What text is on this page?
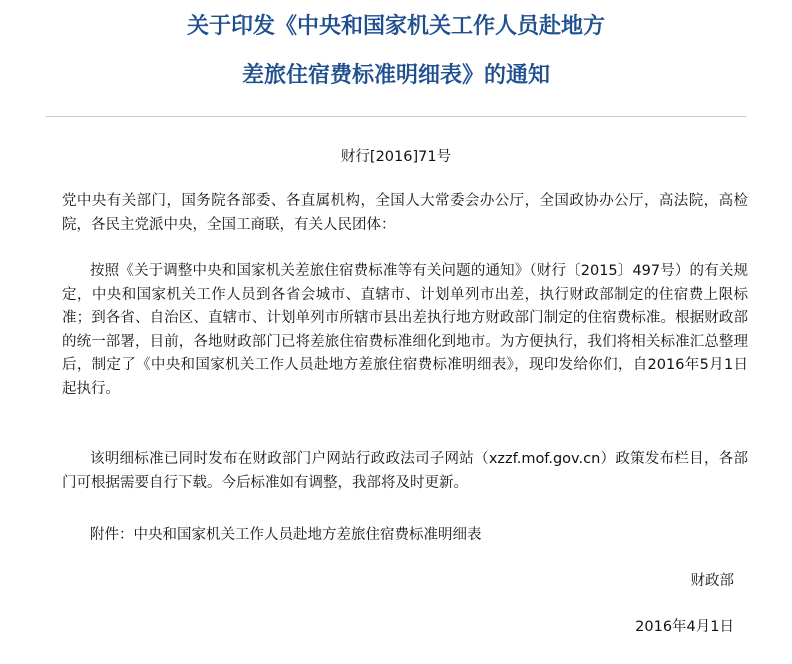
关于印发《中央和国家机关工作人员赴地方
差旅住宿费标准明细表》的通知
财行[2016]71号
党中央有关部门，国务院各部委、各直属机构，全国人大常委会办公厅，全国政协办公厅，高法院，高检院，各民主党派中央，全国工商联，有关人民团体：
按照《关于调整中央和国家机关差旅住宿费标准等有关问题的通知》（财行〔2015〕497号）的有关规定，中央和国家机关工作人员到各省会城市、直辖市、计划单列市出差，执行财政部制定的住宿费上限标准；到各省、自治区、直辖市、计划单列市所辖市县出差执行地方财政部门制定的住宿费标准。根据财政部的统一部署，目前，各地财政部门已将差旅住宿费标准细化到地市。为方便执行，我们将相关标准汇总整理后，制定了《中央和国家机关工作人员赴地方差旅住宿费标准明细表》，现印发给你们，自2016年5月1日起执行。
该明细标准已同时发布在财政部门户网站行政政法司子网站（xzzf.mof.gov.cn）政策发布栏目，各部门可根据需要自行下载。今后标准如有调整，我部将及时更新。
附件：中央和国家机关工作人员赴地方差旅住宿费标准明细表
财政部
2016年4月1日
